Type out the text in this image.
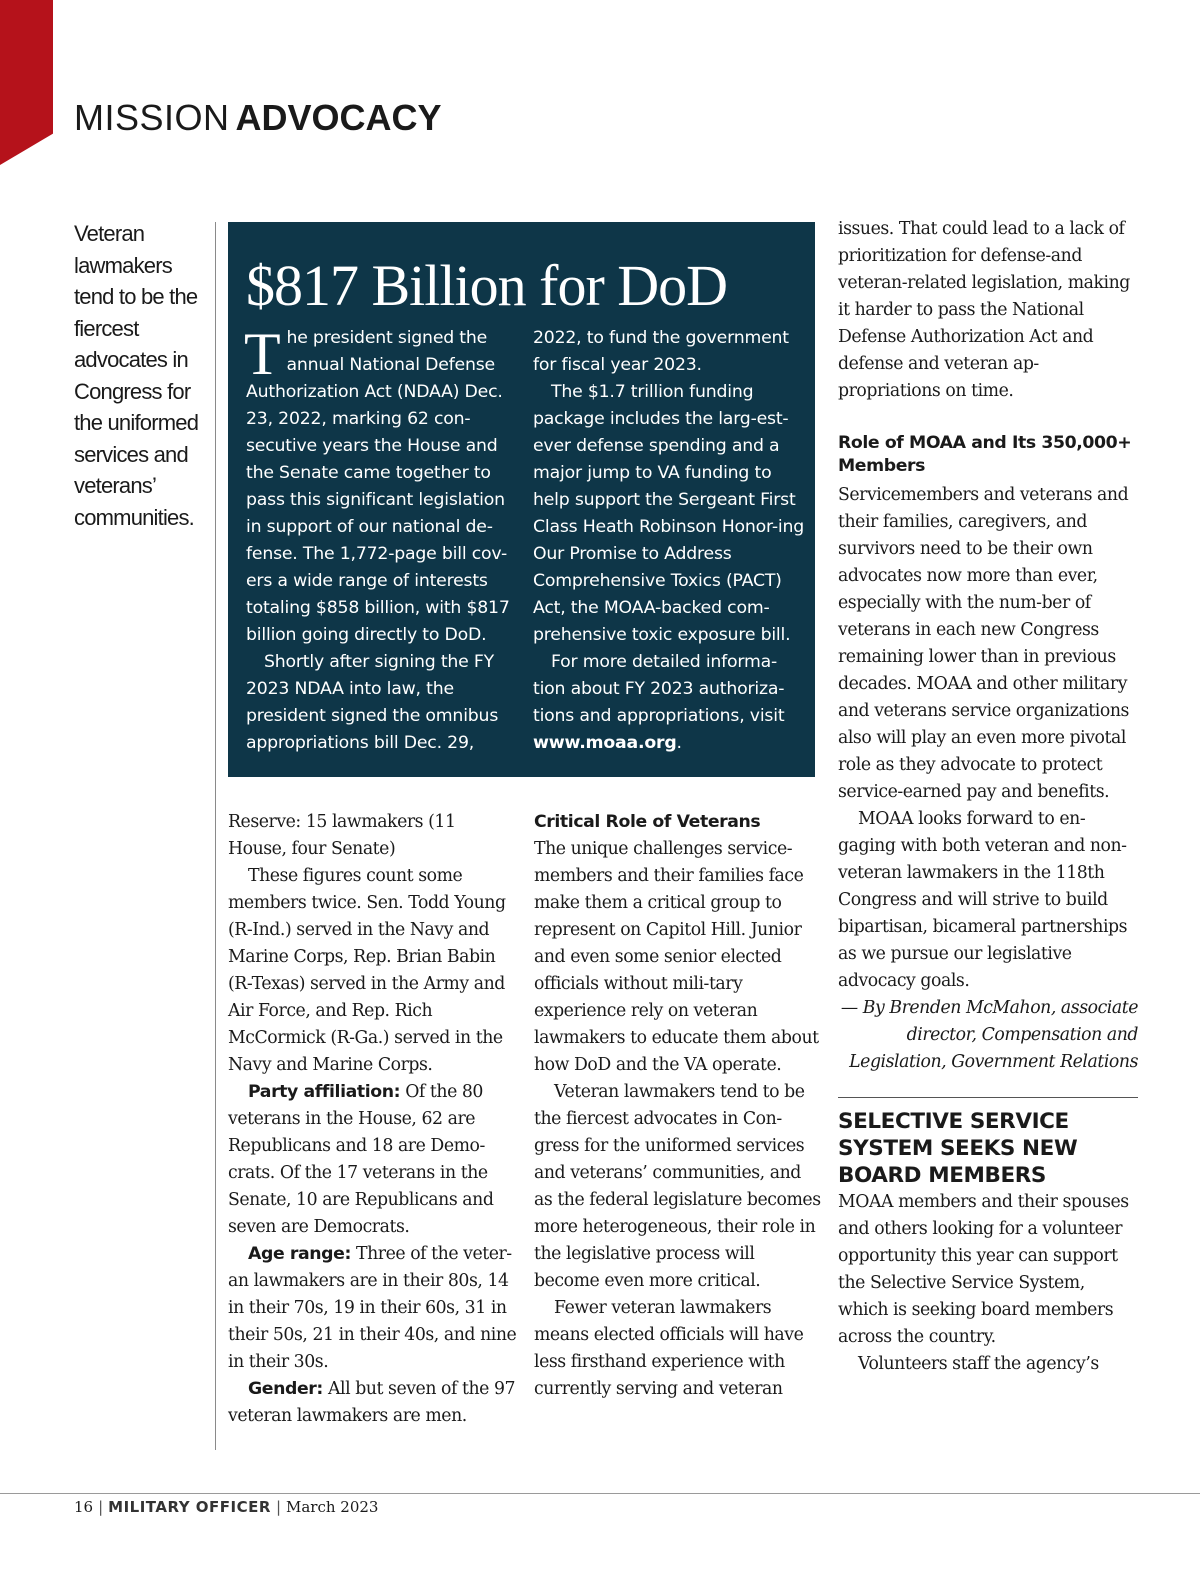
MISSION ADVOCACY

Veteran lawmakers tend to be the fiercest advocates in Congress for the uniformed services and veterans’ communities.

$817 Billion for DoD

The president signed the annual National Defense Authorization Act (NDAA) Dec. 23, 2022, marking 62 con-secutive years the House and the Senate came together to pass this significant legislation in support of our national de-fense. The 1,772-page bill cov-ers a wide range of interests totaling $858 billion, with $817 billion going directly to DoD.

Shortly after signing the FY 2023 NDAA into law, the president signed the omnibus appropriations bill Dec. 29,

2022, to fund the government for fiscal year 2023.

The $1.7 trillion funding package includes the larg-est-ever defense spending and a major jump to VA funding to help support the Sergeant First Class Heath Robinson Honor-ing Our Promise to Address Comprehensive Toxics (PACT) Act, the MOAA-backed com-prehensive toxic exposure bill.

For more detailed informa-tion about FY 2023 authoriza-tions and appropriations, visit www.moaa.org.

Reserve: 15 lawmakers (11 House, four Senate)

These figures count some members twice. Sen. Todd Young (R-Ind.) served in the Navy and Marine Corps, Rep. Brian Babin (R-Texas) served in the Army and Air Force, and Rep. Rich McCormick (R-Ga.) served in the Navy and Marine Corps.

Party affiliation: Of the 80 veterans in the House, 62 are Republicans and 18 are Demo-crats. Of the 17 veterans in the Senate, 10 are Republicans and seven are Democrats.

Age range: Three of the veter-an lawmakers are in their 80s, 14 in their 70s, 19 in their 60s, 31 in their 50s, 21 in their 40s, and nine in their 30s.

Gender: All but seven of the 97 veteran lawmakers are men.

Critical Role of Veterans

The unique challenges service-members and their families face make them a critical group to represent on Capitol Hill. Junior and even some senior elected officials without mili-tary experience rely on veteran lawmakers to educate them about how DoD and the VA operate.

Veteran lawmakers tend to be the fiercest advocates in Con-gress for the uniformed services and veterans’ communities, and as the federal legislature becomes more heterogeneous, their role in the legislative process will become even more critical.

Fewer veteran lawmakers means elected officials will have less firsthand experience with currently serving and veteran

issues. That could lead to a lack of prioritization for defense-and veteran-related legislation, making it harder to pass the National Defense Authorization Act and defense and veteran ap-propriations on time.

Role of MOAA and Its 350,000+ Members

Servicemembers and veterans and their families, caregivers, and survivors need to be their own advocates now more than ever, especially with the num-ber of veterans in each new Congress remaining lower than in previous decades. MOAA and other military and veterans service organizations also will play an even more pivotal role as they advocate to protect service-earned pay and benefits.

MOAA looks forward to en-gaging with both veteran and non-veteran lawmakers in the 118th Congress and will strive to build bipartisan, bicameral partnerships as we pursue our legislative advocacy goals.

— By Brenden McMahon, associate director, Compensation and Legislation, Government Relations

SELECTIVE SERVICE SYSTEM SEEKS NEW BOARD MEMBERS

MOAA members and their spouses and others looking for a volunteer opportunity this year can support the Selective Service System, which is seeking board members across the country.

Volunteers staff the agency’s

16 | MILITARY OFFICER | March 2023
